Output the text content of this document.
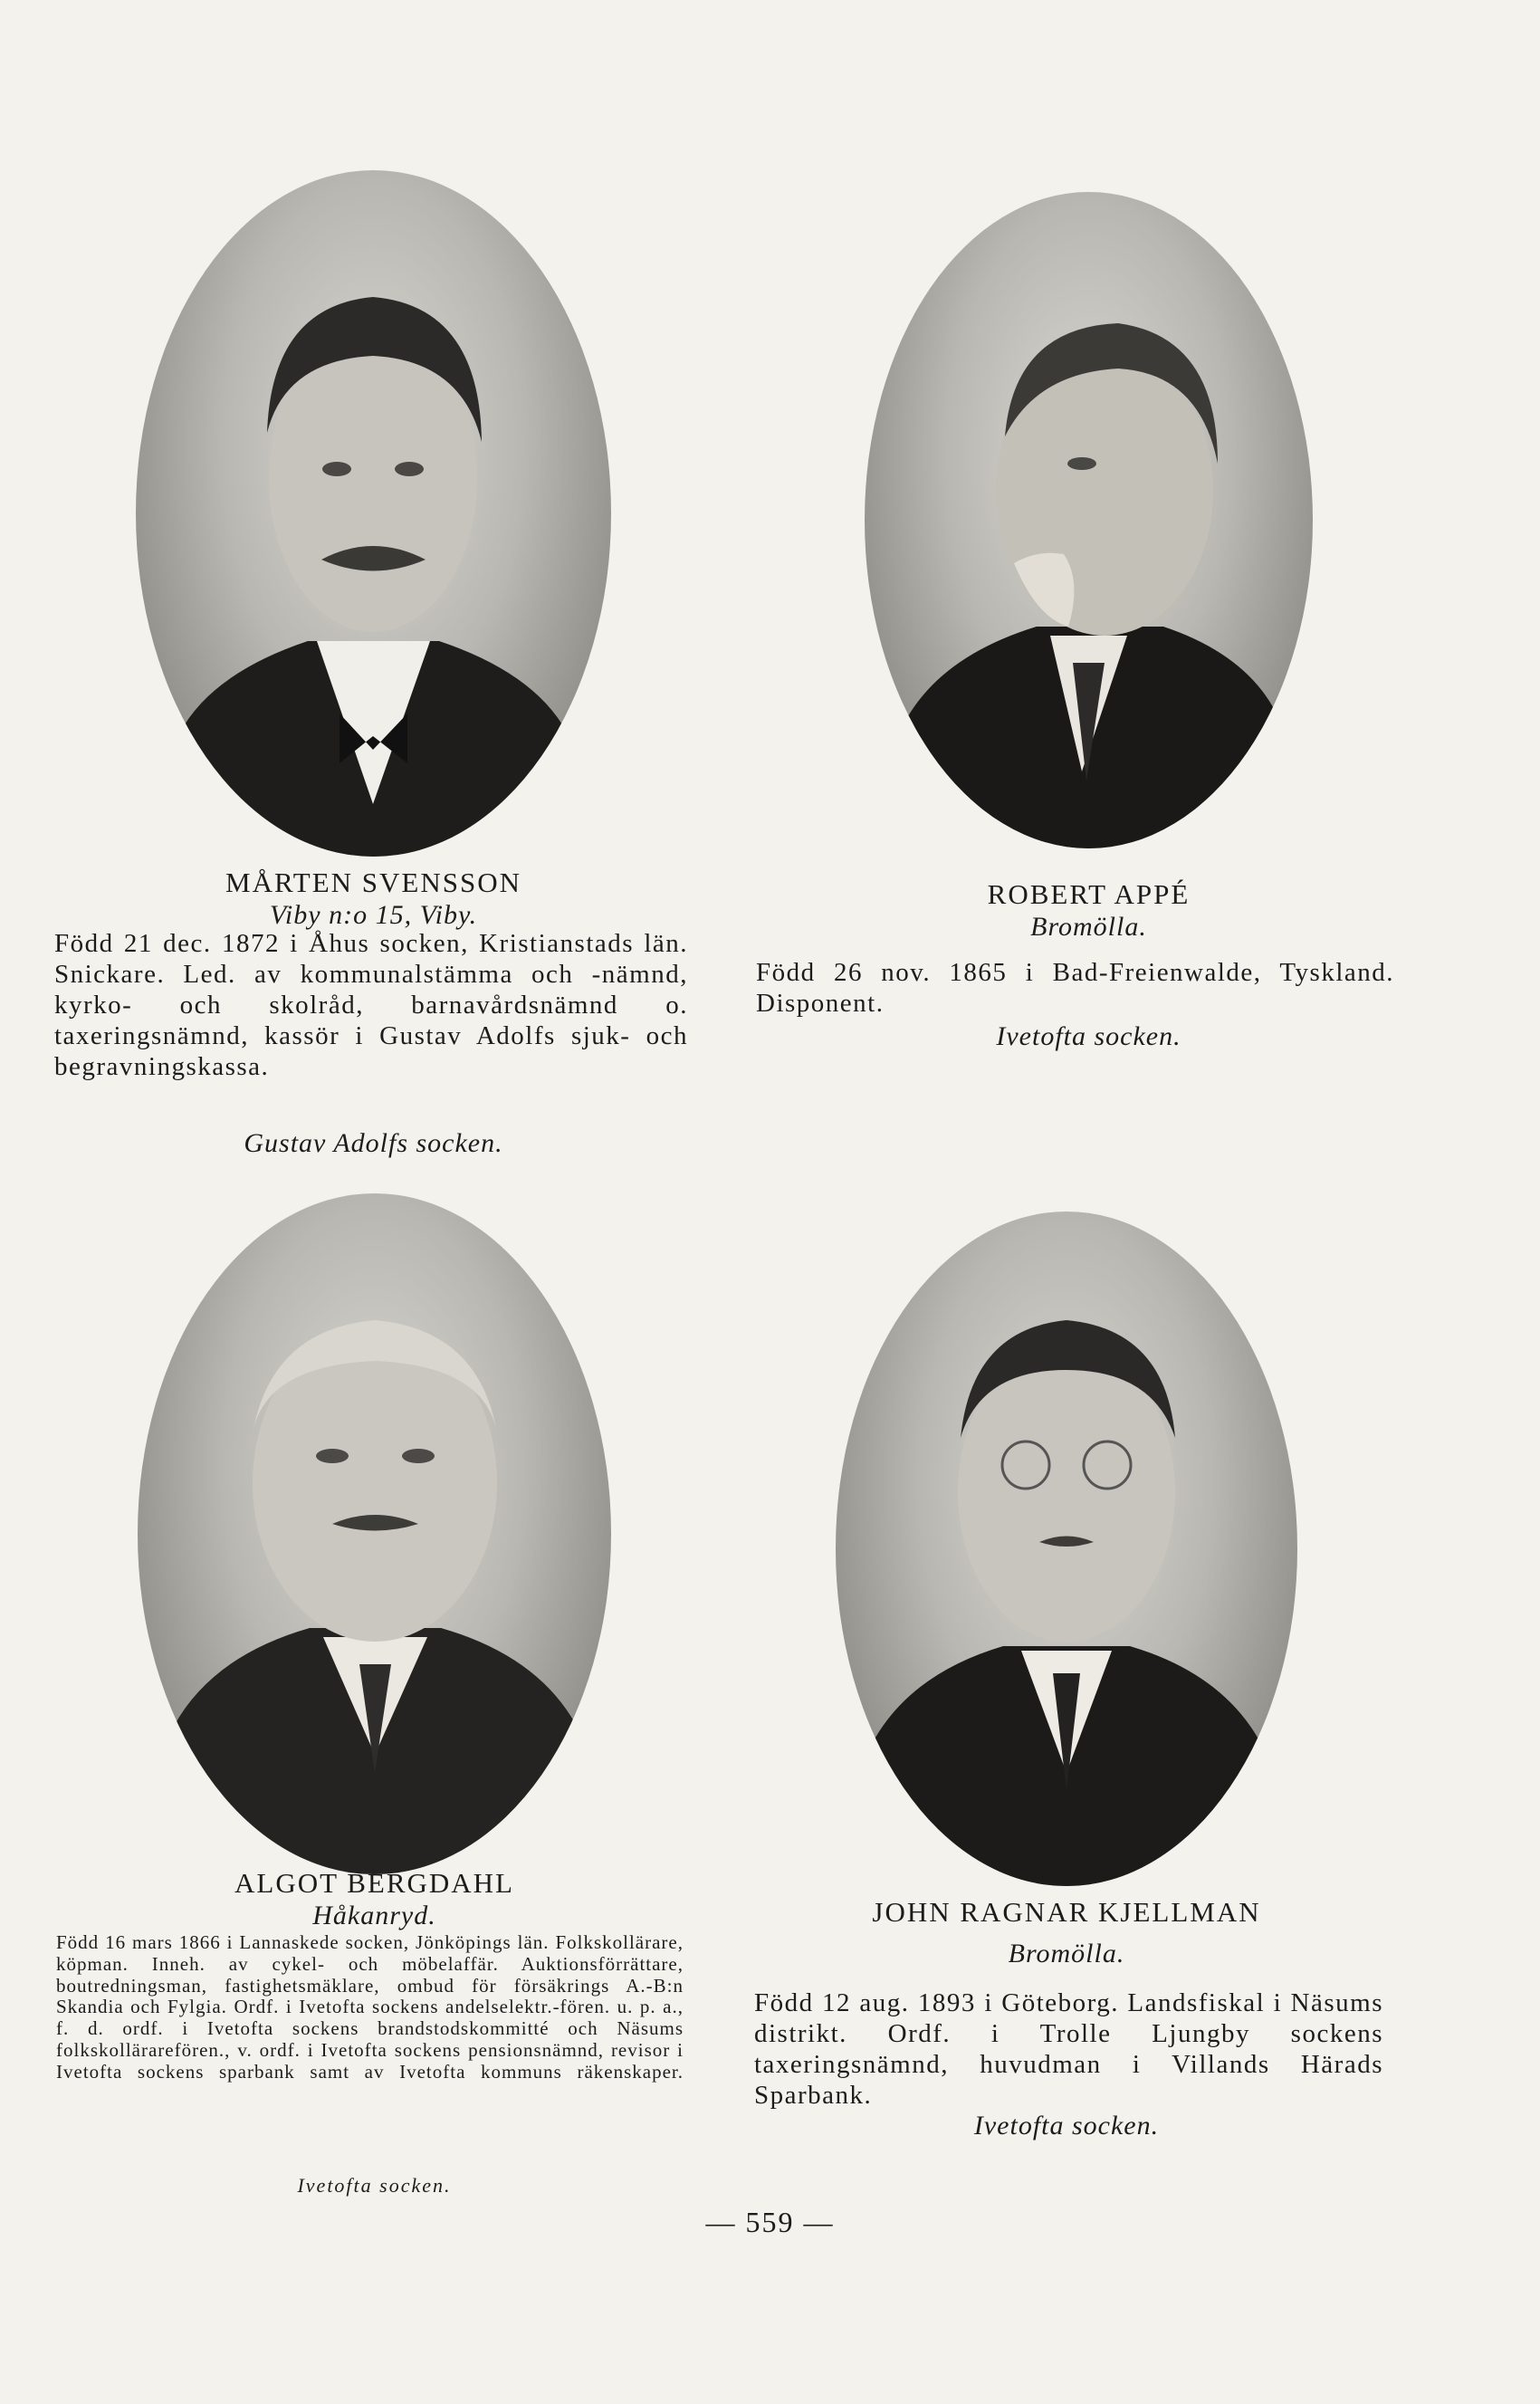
MÅRTEN SVENSSON
Viby n:o 15, Viby.
Född 21 dec. 1872 i Åhus socken, Kristianstads län. Snickare. Led. av kommunalstämma och -nämnd, kyrko- och skolråd, barnavårdsnämnd o. taxeringsnämnd, kassör i Gustav Adolfs sjuk- och begravningskassa.
Gustav Adolfs socken.
ROBERT APPÉ
Bromölla.
Född 26 nov. 1865 i Bad-Freienwalde, Tyskland. Disponent.
Ivetofta socken.
ALGOT BERGDAHL
Håkanryd.
Född 16 mars 1866 i Lannaskede socken, Jönköpings län. Folkskollärare, köpman. Inneh. av cykel- och möbelaffär. Auktionsförrättare, boutredningsman, fastighetsmäklare, ombud för försäkrings A.-B:n Skandia och Fylgia. Ordf. i Ivetofta sockens andelselektr.-fören. u. p. a., f. d. ordf. i Ivetofta sockens brandstodskommitté och Näsums folkskollärarefören., v. ordf. i Ivetofta sockens pensionsnämnd, revisor i Ivetofta sockens sparbank samt av Ivetofta kommuns räkenskaper.
Ivetofta socken.
JOHN RAGNAR KJELLMAN
Bromölla.
Född 12 aug. 1893 i Göteborg. Landsfiskal i Näsums distrikt. Ordf. i Trolle Ljungby sockens taxeringsnämnd, huvudman i Villands Härads Sparbank.
Ivetofta socken.
— 559 —
